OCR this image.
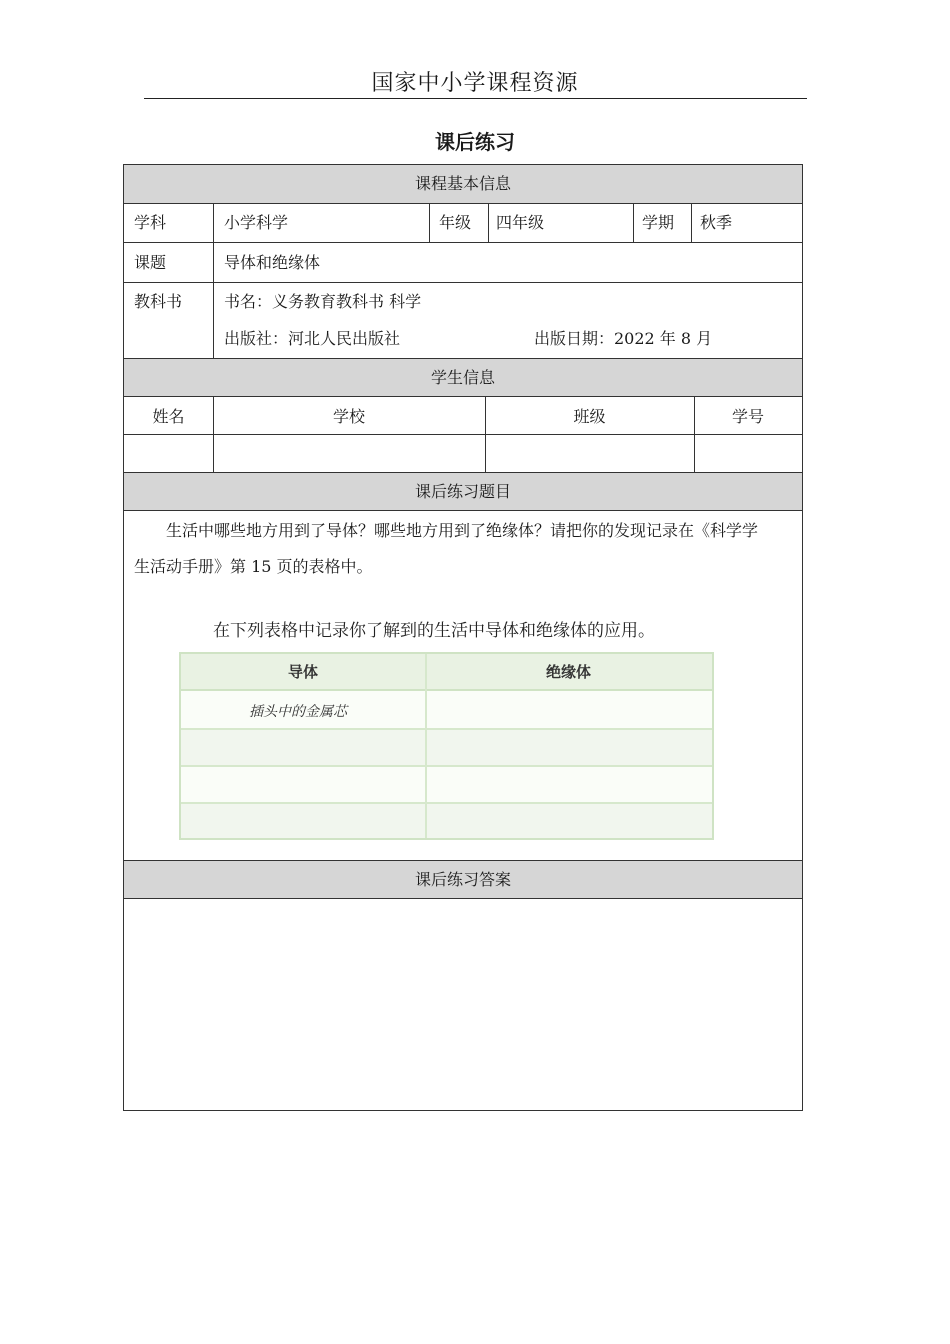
国家中小学课程资源
课后练习
课程基本信息
学科	小学科学	年级 四年级	学期 秋季
课题	导体和绝缘体
教科书	书名：义务教育教科书 科学
出版社：河北人民出版社	出版日期：2022 年 8 月
学生信息
姓名	学校	班级	学号
课后练习题目
生活中哪些地方用到了导体？哪些地方用到了绝缘体？请把你的发现记录在《科学学
生活动手册》第 15 页的表格中。
课后练习答案
在下列表格中记录你了解到的生活中导体和绝缘体的应用。
导体	绝缘体
插头中的金属芯
